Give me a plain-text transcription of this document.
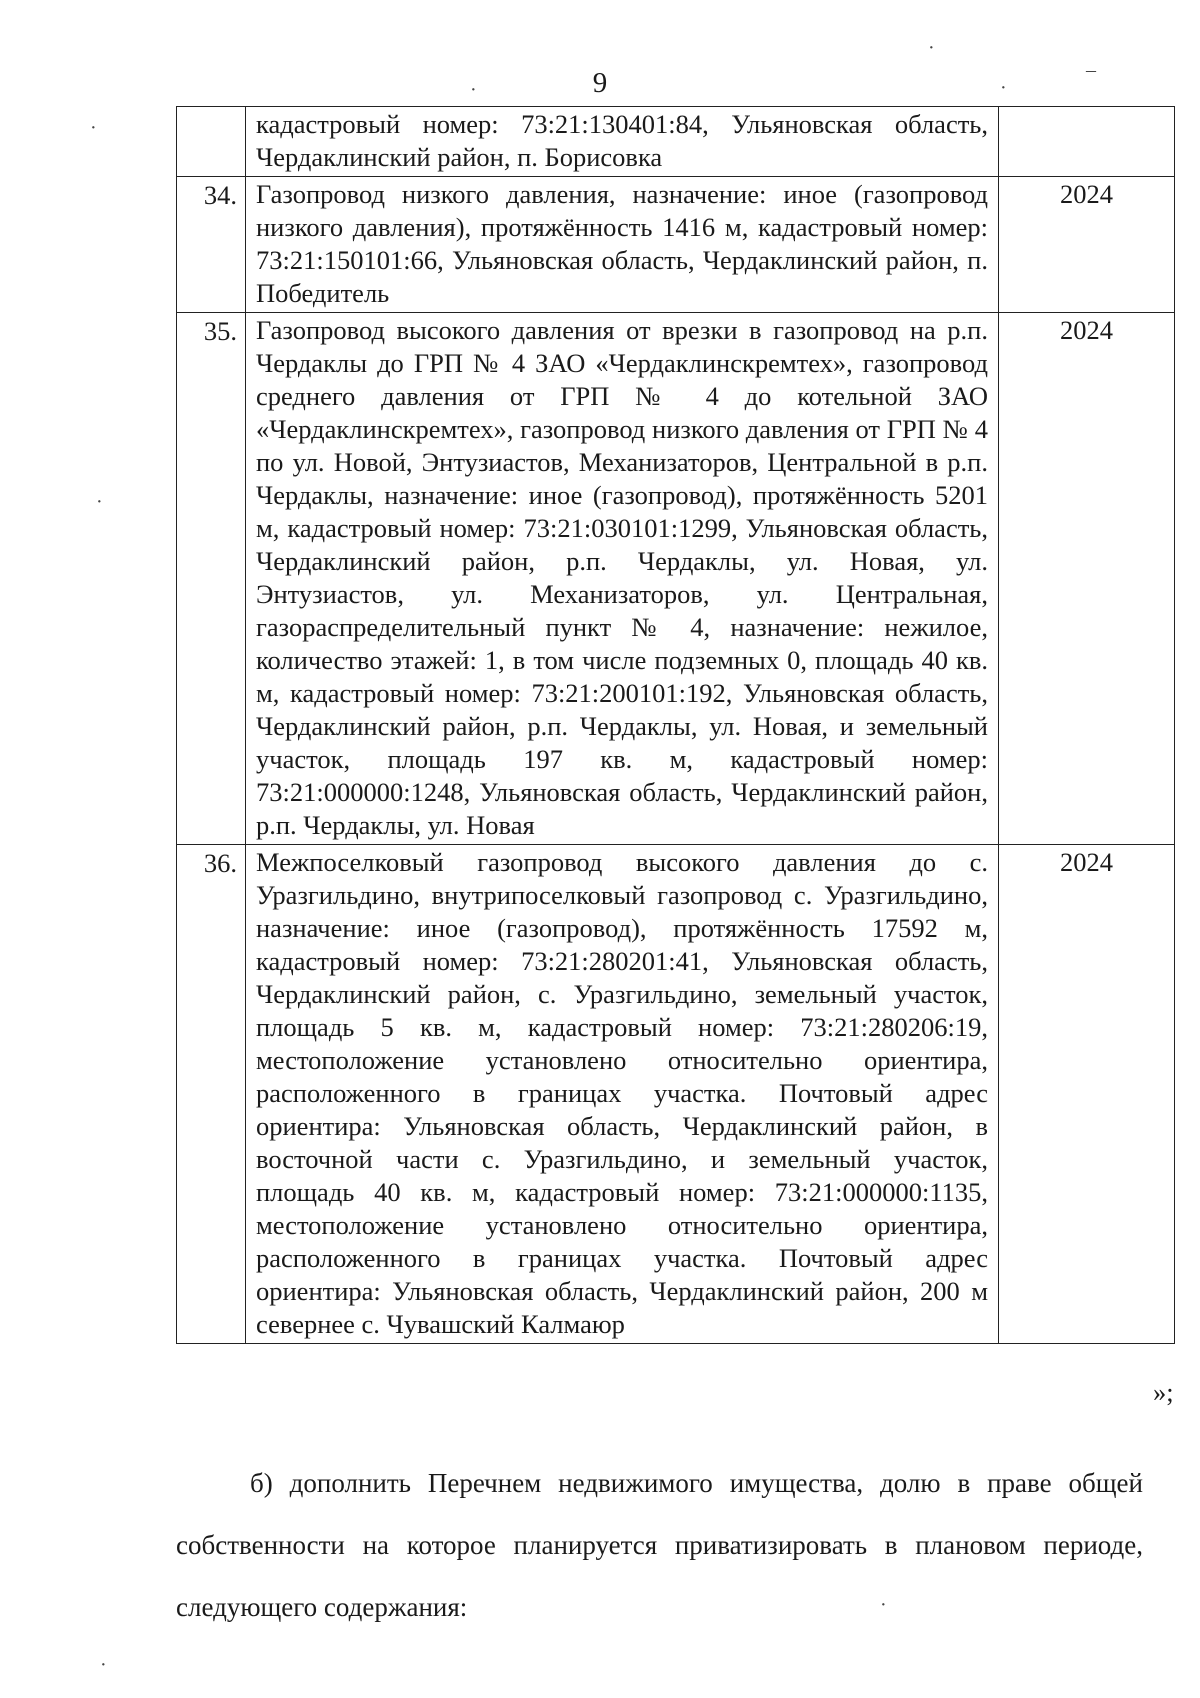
9
	кадастровый номер: 73:21:130401:84, Ульяновская область, Чердаклинский район, п. Борисовка	
34.	Газопровод низкого давления, назначение: иное (газопровод низкого давления), протяжённость 1416 м, кадастровый номер: 73:21:150101:66, Ульяновская область, Чердаклинский район, п. Победитель	2024
35.	Газопровод высокого давления от врезки в газопровод на р.п. Чердаклы до ГРП № 4 ЗАО «Чердаклинскремтех», газопровод среднего давления от ГРП № 4 до котельной ЗАО «Чердаклинскремтех», газопровод низкого давления от ГРП № 4 по ул. Новой, Энтузиастов, Механизаторов, Центральной в р.п. Чердаклы, назначение: иное (газопровод), протяжённость 5201 м, кадастровый номер: 73:21:030101:1299, Ульяновская область, Чердаклинский район, р.п. Чердаклы, ул. Новая, ул. Энтузиастов, ул. Механизаторов, ул. Центральная, газораспределительный пункт № 4, назначение: нежилое, количество этажей: 1, в том числе подземных 0, площадь 40 кв. м, кадастровый номер: 73:21:200101:192, Ульяновская область, Чердаклинский район, р.п. Чердаклы, ул. Новая, и земельный участок, площадь 197 кв. м, кадастровый номер: 73:21:000000:1248, Ульяновская область, Чердаклинский район, р.п. Чердаклы, ул. Новая	2024
36.	Межпоселковый газопровод высокого давления до с. Уразгильдино, внутрипоселковый газопровод с. Уразгильдино, назначение: иное (газопровод), протяжённость 17592 м, кадастровый номер: 73:21:280201:41, Ульяновская область, Чердаклинский район, с. Уразгильдино, земельный участок, площадь 5 кв. м, кадастровый номер: 73:21:280206:19, местоположение установлено относительно ориентира, расположенного в границах участка. Почтовый адрес ориентира: Ульяновская область, Чердаклинский район, в восточной части с. Уразгильдино, и земельный участок, площадь 40 кв. м, кадастровый номер: 73:21:000000:1135, местоположение установлено относительно ориентира, расположенного в границах участка. Почтовый адрес ориентира: Ульяновская область, Чердаклинский район, 200 м севернее с. Чувашский Калмаюр	2024
»;
б) дополнить Перечнем недвижимого имущества, долю в праве общей собственности на которое планируется приватизировать в плановом периоде, следующего содержания:
–
·
·	·
·
·
·
·
